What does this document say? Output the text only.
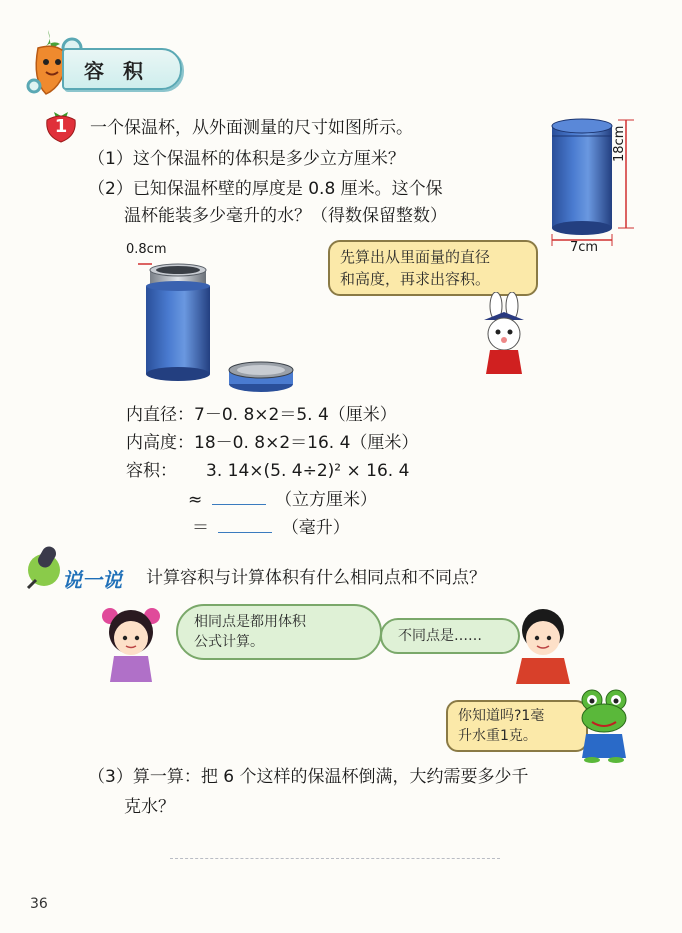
容 积
1 一个保温杯，从外面测量的尺寸如图所示。
（1）这个保温杯的体积是多少立方厘米？
（2）已知保温杯壁的厚度是 0.8 厘米。这个保
温杯能装多少毫升的水？（得数保留整数）
18cm
7cm
0.8cm	先算出从里面量的直径
和高度，再求出容积。
内直径：7－0. 8×2＝5. 4（厘米）
内高度：18－0. 8×2＝16. 4（厘米）
容积： 3. 14×(5. 4÷2)² × 16. 4
≈	（立方厘米）
＝	（毫升）
说一说 计算容积与计算体积有什么相同点和不同点？
相同点是都用体积
公式计算。	不同点是……
你知道吗?1毫
升水重1克。
（3）算一算：把 6 个这样的保温杯倒满，大约需要多少千
克水？
36
